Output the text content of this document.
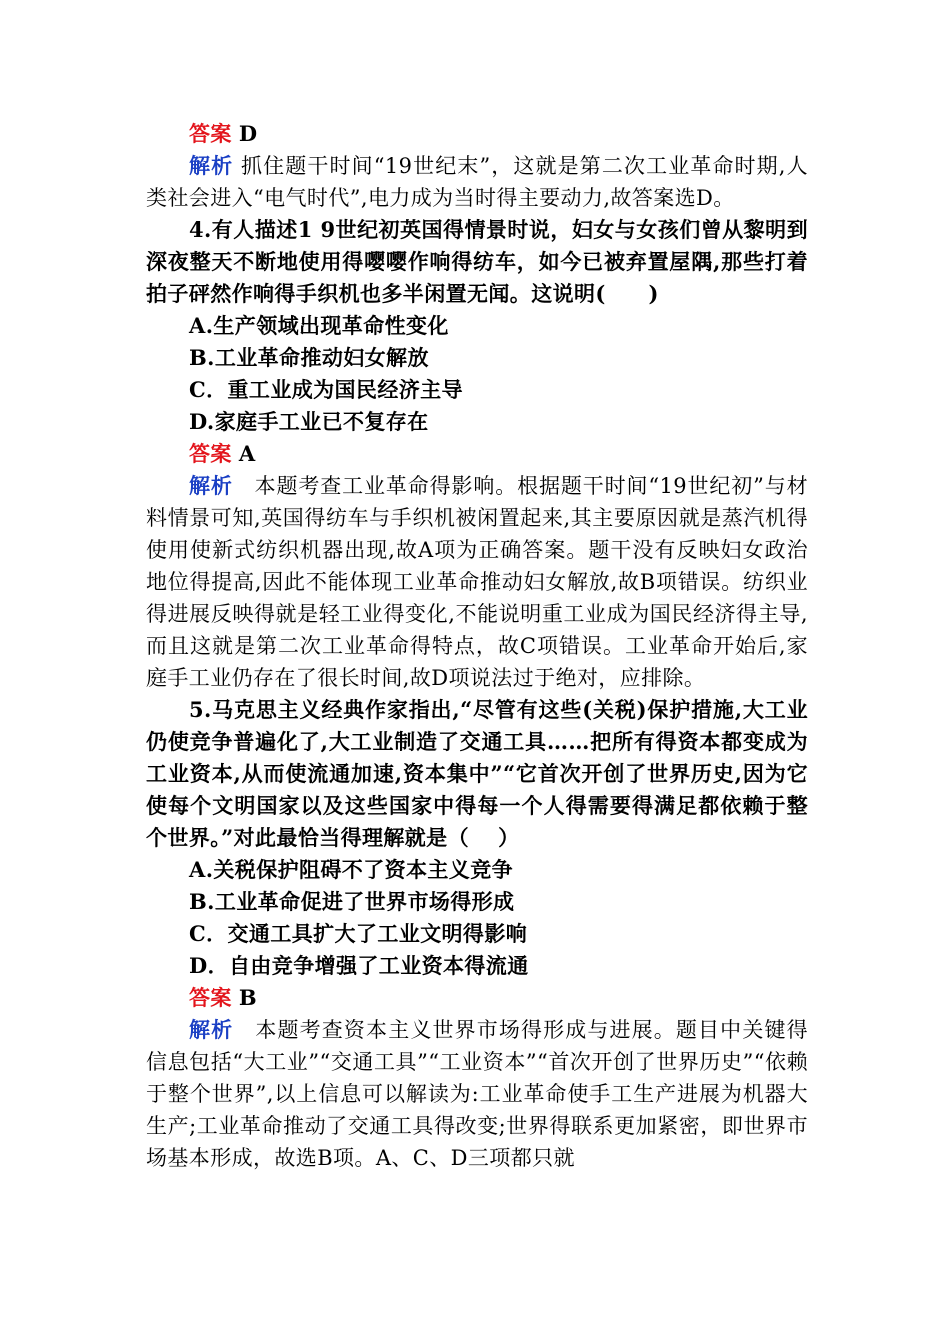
答案 D

解析 抓住题干时间“19世纪末”，这就是第二次工业革命时期,人类社会进入“电气时代”,电力成为当时得主要动力,故答案选D。

4.有人描述1 9世纪初英国得情景时说，妇女与女孩们曾从黎明到深夜整天不断地使用得嘤嘤作响得纺车，如今已被弃置屋隅,那些打着拍子砰然作响得手织机也多半闲置无闻。这说明(　　)

A.生产领域出现革命性变化

B.工业革命推动妇女解放

C．重工业成为国民经济主导

D.家庭手工业已不复存在

答案 A

解析　本题考查工业革命得影响。根据题干时间“19世纪初”与材料情景可知,英国得纺车与手织机被闲置起来,其主要原因就是蒸汽机得使用使新式纺织机器出现,故A项为正确答案。题干没有反映妇女政治地位得提高,因此不能体现工业革命推动妇女解放,故B项错误。纺织业得进展反映得就是轻工业得变化,不能说明重工业成为国民经济得主导,而且这就是第二次工业革命得特点，故C项错误。工业革命开始后,家庭手工业仍存在了很长时间,故D项说法过于绝对，应排除。

5.马克思主义经典作家指出,“尽管有这些(关税)保护措施,大工业仍使竞争普遍化了,大工业制造了交通工具……把所有得资本都变成为工业资本,从而使流通加速,资本集中”“它首次开创了世界历史,因为它使每个文明国家以及这些国家中得每一个人得需要得满足都依赖于整个世界。”对此最恰当得理解就是（　 ）

A.关税保护阻碍不了资本主义竞争

B.工业革命促进了世界市场得形成

C．交通工具扩大了工业文明得影响

D．自由竞争增强了工业资本得流通

答案 B

解析　本题考查资本主义世界市场得形成与进展。题目中关键得信息包括“大工业”“交通工具”“工业资本”“首次开创了世界历史”“依赖于整个世界”,以上信息可以解读为:工业革命使手工生产进展为机器大生产;工业革命推动了交通工具得改变;世界得联系更加紧密，即世界市场基本形成，故选B项。A、C、D三项都只就
